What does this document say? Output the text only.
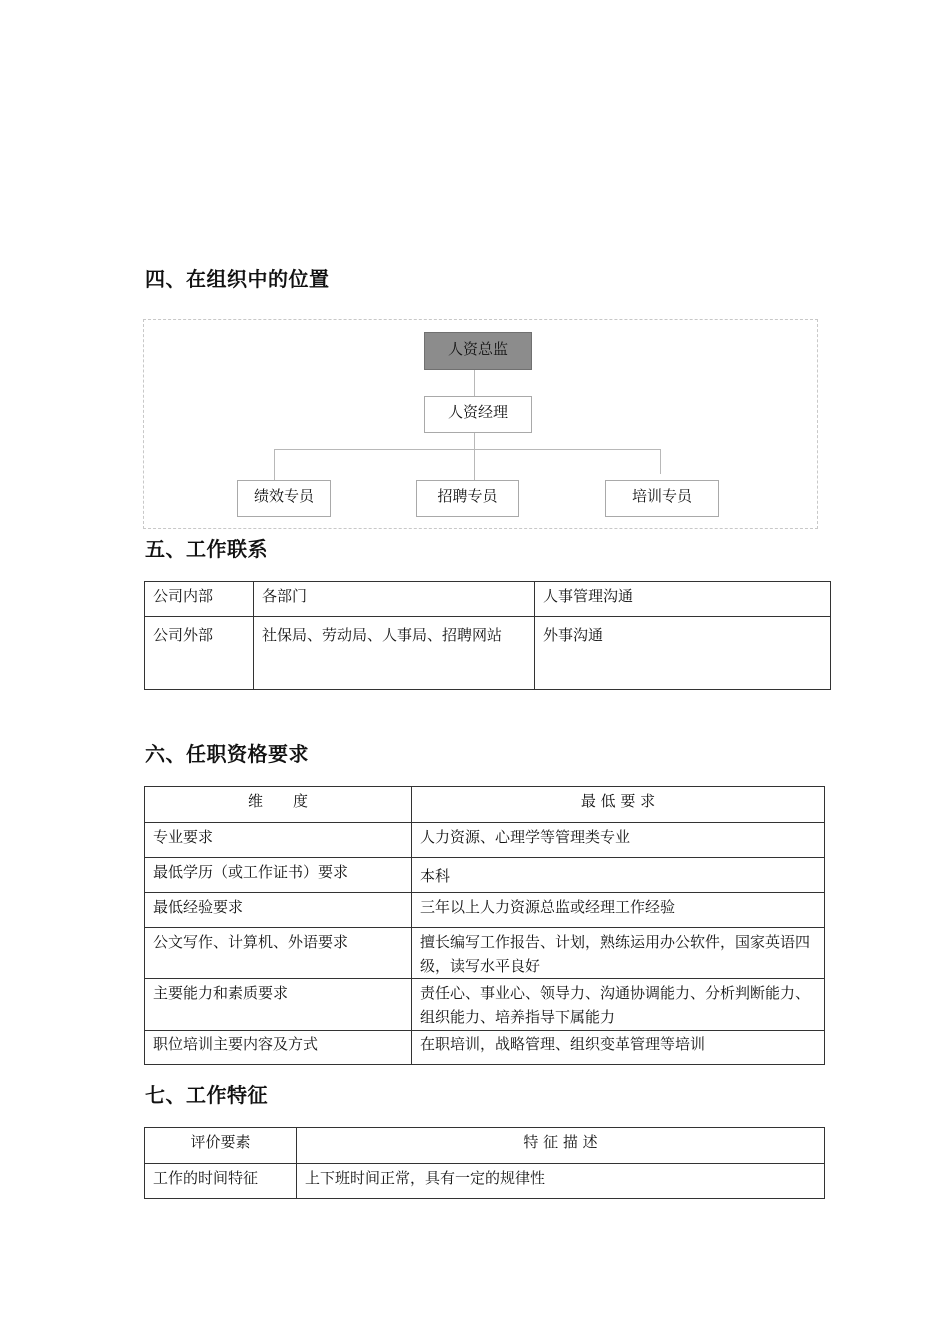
四、在组织中的位置
人资总监
人资经理
绩效专员	招聘专员	培训专员
五、工作联系
公司内部	各部门	人事管理沟通
公司外部	社保局、劳动局、人事局、招聘网站	外事沟通
六、任职资格要求
维　　度	最 低 要 求
专业要求	人力资源、心理学等管理类专业
最低学历（或工作证书）要求	本科
最低经验要求	三年以上人力资源总监或经理工作经验
公文写作、计算机、外语要求	擅长编写工作报告、计划，熟练运用办公软件，国家英语四级，读写水平良好
主要能力和素质要求	责任心、事业心、领导力、沟通协调能力、分析判断能力、组织能力、培养指导下属能力
职位培训主要内容及方式	在职培训，战略管理、组织变革管理等培训
七、工作特征
评价要素	特 征 描 述
工作的时间特征	上下班时间正常，具有一定的规律性
